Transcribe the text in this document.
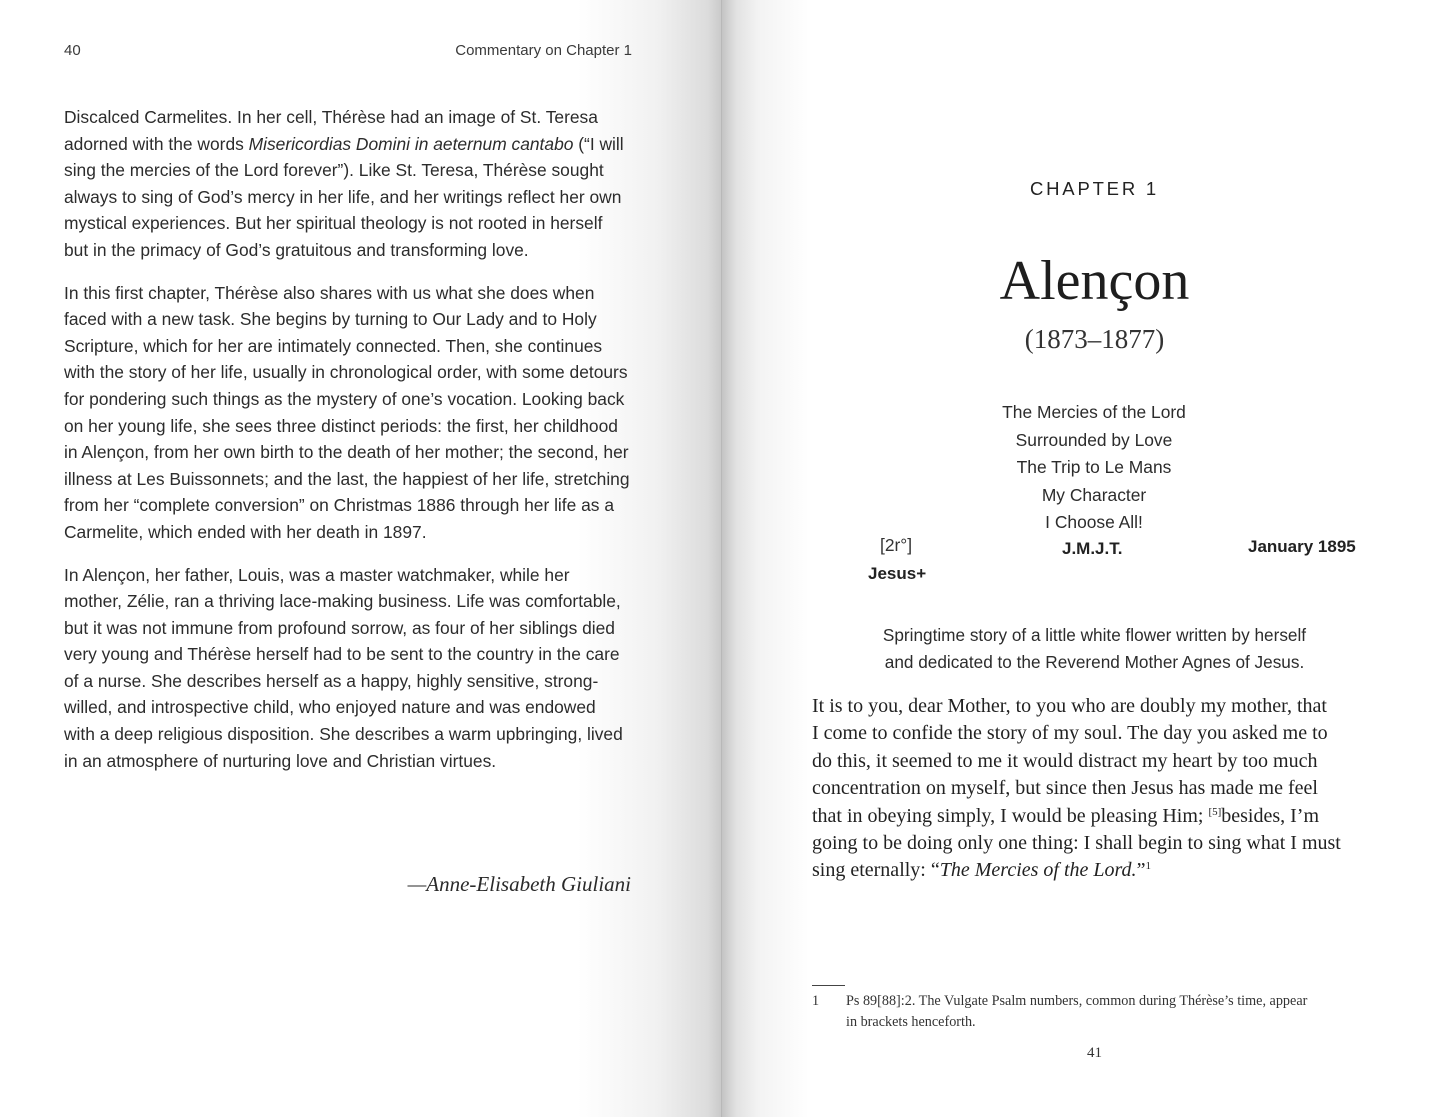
40	Commentary on Chapter 1

Discalced Carmelites. In her cell, Thérèse had an image of St. Teresa adorned with the words Misericordias Domini in aeternum cantabo (“I will sing the mercies of the Lord forever”). Like St. Teresa, Thérèse sought always to sing of God’s mercy in her life, and her writings reflect her own mystical experiences. But her spiritual theology is not rooted in herself but in the primacy of God’s gratuitous and transforming love.

In this first chapter, Thérèse also shares with us what she does when faced with a new task. She begins by turning to Our Lady and to Holy Scripture, which for her are intimately connected. Then, she continues with the story of her life, usually in chronological order, with some detours for pondering such things as the mystery of one’s vocation. Looking back on her young life, she sees three distinct periods: the first, her childhood in Alençon, from her own birth to the death of her mother; the second, her illness at Les Buissonnets; and the last, the happiest of her life, stretching from her “complete conversion” on Christmas 1886 through her life as a Carmelite, which ended with her death in 1897.

In Alençon, her father, Louis, was a master watchmaker, while her mother, Zélie, ran a thriving lace-making business. Life was comfortable, but it was not immune from profound sorrow, as four of her siblings died very young and Thérèse herself had to be sent to the country in the care of a nurse. She describes herself as a happy, highly sensitive, strong-willed, and introspective child, who enjoyed nature and was endowed with a deep religious disposition. She describes a warm upbringing, lived in an atmosphere of nurturing love and Christian virtues.

—Anne-Elisabeth Giuliani
CHAPTER 1
Alençon
(1873–1877)
The Mercies of the Lord
Surrounded by Love
The Trip to Le Mans
My Character
I Choose All!
[2r°]	J.M.J.T.	January 1895
Jesus+
Springtime story of a little white flower written by herself
and dedicated to the Reverend Mother Agnes of Jesus.
It is to you, dear Mother, to you who are doubly my mother, that
I come to confide the story of my soul. The day you asked me to
do this, it seemed to me it would distract my heart by too much
concentration on myself, but since then Jesus has made me feel
that in obeying simply, I would be pleasing Him; [5]besides, I’m
going to be doing only one thing: I shall begin to sing what I must
sing eternally: “The Mercies of the Lord.”$^1$
1 Ps 89[88]:2. The Vulgate Psalm numbers, common during Thérèse’s time, appear
in brackets henceforth.
41
